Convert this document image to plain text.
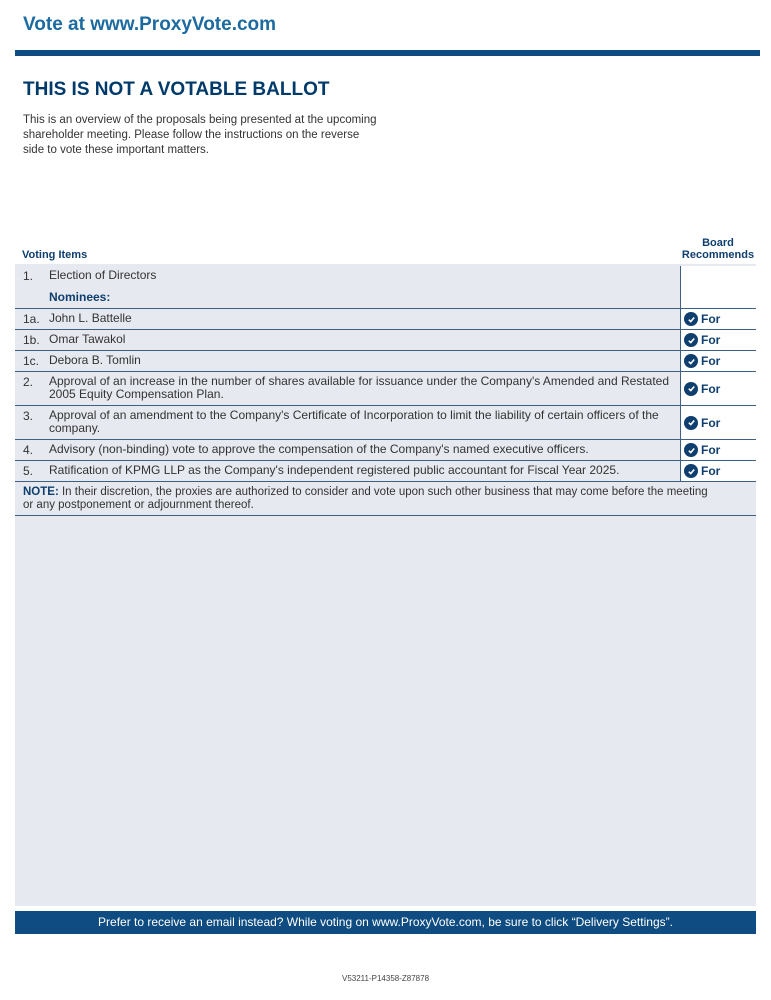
Vote at www.ProxyVote.com
THIS IS NOT A VOTABLE BALLOT
This is an overview of the proposals being presented at the upcoming shareholder meeting. Please follow the instructions on the reverse side to vote these important matters.
Voting Items
Board Recommends
1. Election of Directors
Nominees:
1a. John L. Battelle	For
1b. Omar Tawakol	For
1c. Debora B. Tomlin	For
2. Approval of an increase in the number of shares available for issuance under the Company's Amended and Restated 2005 Equity Compensation Plan.	For
3. Approval of an amendment to the Company's Certificate of Incorporation to limit the liability of certain officers of the company.	For
4. Advisory (non-binding) vote to approve the compensation of the Company's named executive officers.	For
5. Ratification of KPMG LLP as the Company's independent registered public accountant for Fiscal Year 2025.	For
NOTE: In their discretion, the proxies are authorized to consider and vote upon such other business that may come before the meeting or any postponement or adjournment thereof.
Prefer to receive an email instead? While voting on www.ProxyVote.com, be sure to click “Delivery Settings”.
V53211-P14358-Z87878
